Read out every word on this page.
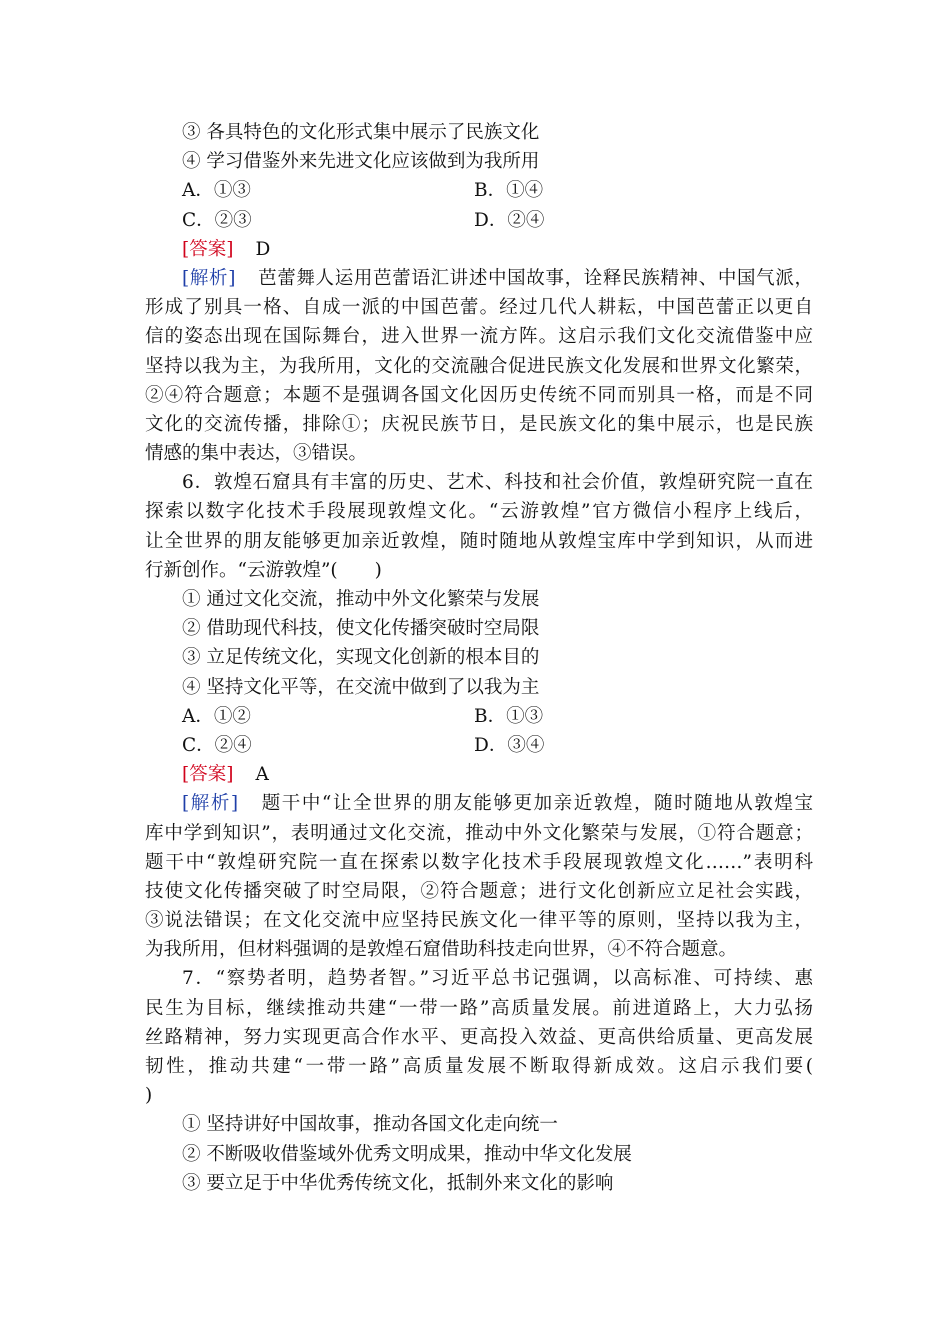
③ 各具特色的文化形式集中展示了民族文化
④ 学习借鉴外来先进文化应该做到为我所用
A．①③	B．①④
C．②③	D．②④
[答案] D
[解析] 芭蕾舞人运用芭蕾语汇讲述中国故事，诠释民族精神、中国气派，
形成了别具一格、自成一派的中国芭蕾。经过几代人耕耘，中国芭蕾正以更自
信的姿态出现在国际舞台，进入世界一流方阵。这启示我们文化交流借鉴中应
坚持以我为主，为我所用，文化的交流融合促进民族文化发展和世界文化繁荣，
②④符合题意；本题不是强调各国文化因历史传统不同而别具一格，而是不同
文化的交流传播，排除①；庆祝民族节日，是民族文化的集中展示，也是民族
情感的集中表达，③错误。
6．敦煌石窟具有丰富的历史、艺术、科技和社会价值，敦煌研究院一直在
探索以数字化技术手段展现敦煌文化。“云游敦煌”官方微信小程序上线后，
让全世界的朋友能够更加亲近敦煌，随时随地从敦煌宝库中学到知识，从而进
行新创作。“云游敦煌”(　　)
① 通过文化交流，推动中外文化繁荣与发展
② 借助现代科技，使文化传播突破时空局限
③ 立足传统文化，实现文化创新的根本目的
④ 坚持文化平等，在交流中做到了以我为主
A．①②	B．①③
C．②④	D．③④
[答案] A
[解析] 题干中“让全世界的朋友能够更加亲近敦煌，随时随地从敦煌宝
库中学到知识”，表明通过文化交流，推动中外文化繁荣与发展，①符合题意；
题干中“敦煌研究院一直在探索以数字化技术手段展现敦煌文化……”表明科
技使文化传播突破了时空局限，②符合题意；进行文化创新应立足社会实践，
③说法错误；在文化交流中应坚持民族文化一律平等的原则，坚持以我为主，
为我所用，但材料强调的是敦煌石窟借助科技走向世界，④不符合题意。
7．“察势者明，趋势者智。”习近平总书记强调，以高标准、可持续、惠
民生为目标，继续推动共建“一带一路”高质量发展。前进道路上，大力弘扬
丝路精神，努力实现更高合作水平、更高投入效益、更高供给质量、更高发展
韧性，推动共建“一带一路”高质量发展不断取得新成效。这启示我们要(
)
① 坚持讲好中国故事，推动各国文化走向统一
② 不断吸收借鉴域外优秀文明成果，推动中华文化发展
③ 要立足于中华优秀传统文化，抵制外来文化的影响
